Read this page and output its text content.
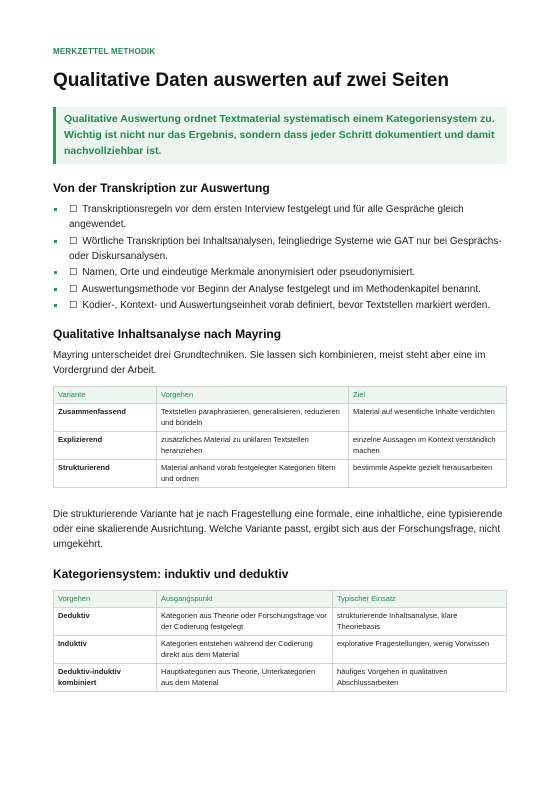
MERKZETTEL METHODIK
Qualitative Daten auswerten auf zwei Seiten
Qualitative Auswertung ordnet Textmaterial systematisch einem Kategoriensystem zu. Wichtig ist nicht nur das Ergebnis, sondern dass jeder Schritt dokumentiert und damit nachvollziehbar ist.
Von der Transkription zur Auswertung
☐ Transkriptionsregeln vor dem ersten Interview festgelegt und für alle Gespräche gleich angewendet.
☐ Wörtliche Transkription bei Inhaltsanalysen, feingliedrige Systeme wie GAT nur bei Gesprächs- oder Diskursanalysen.
☐ Namen, Orte und eindeutige Merkmale anonymisiert oder pseudonymisiert.
☐ Auswertungsmethode vor Beginn der Analyse festgelegt und im Methodenkapitel benannt.
☐ Kodier-, Kontext- und Auswertungseinheit vorab definiert, bevor Textstellen markiert werden.
Qualitative Inhaltsanalyse nach Mayring

Mayring unterscheidet drei Grundtechniken. Sie lassen sich kombinieren, meist steht aber eine im Vordergrund der Arbeit.

Variante	Vorgehen	Ziel
Zusammenfassend	Textstellen paraphrasieren, generalisieren, reduzieren und bündeln	Material auf wesentliche Inhalte verdichten
Explizierend	zusätzliches Material zu unklaren Textstellen heranziehen	einzelne Aussagen im Kontext verständlich machen
Strukturierend	Material anhand vorab festgelegter Kategorien filtern und ordnen	bestimmte Aspekte gezielt herausarbeiten

Die strukturierende Variante hat je nach Fragestellung eine formale, eine inhaltliche, eine typisierende oder eine skalierende Ausrichtung. Welche Variante passt, ergibt sich aus der Forschungsfrage, nicht umgekehrt.

Kategoriensystem: induktiv und deduktiv
Vorgehen	Ausgangspunkt	Typischer Einsatz
Deduktiv	Kategorien aus Theorie oder Forschungsfrage vor der Codierung festgelegt	strukturierende Inhaltsanalyse, klare Theoriebasis
Induktiv	Kategorien entstehen während der Codierung direkt aus dem Material	explorative Fragestellungen, wenig Vorwissen
Deduktiv-induktiv kombiniert	Hauptkategorien aus Theorie, Unterkategorien aus dem Material	häufiges Vorgehen in qualitativen Abschlussarbeiten
